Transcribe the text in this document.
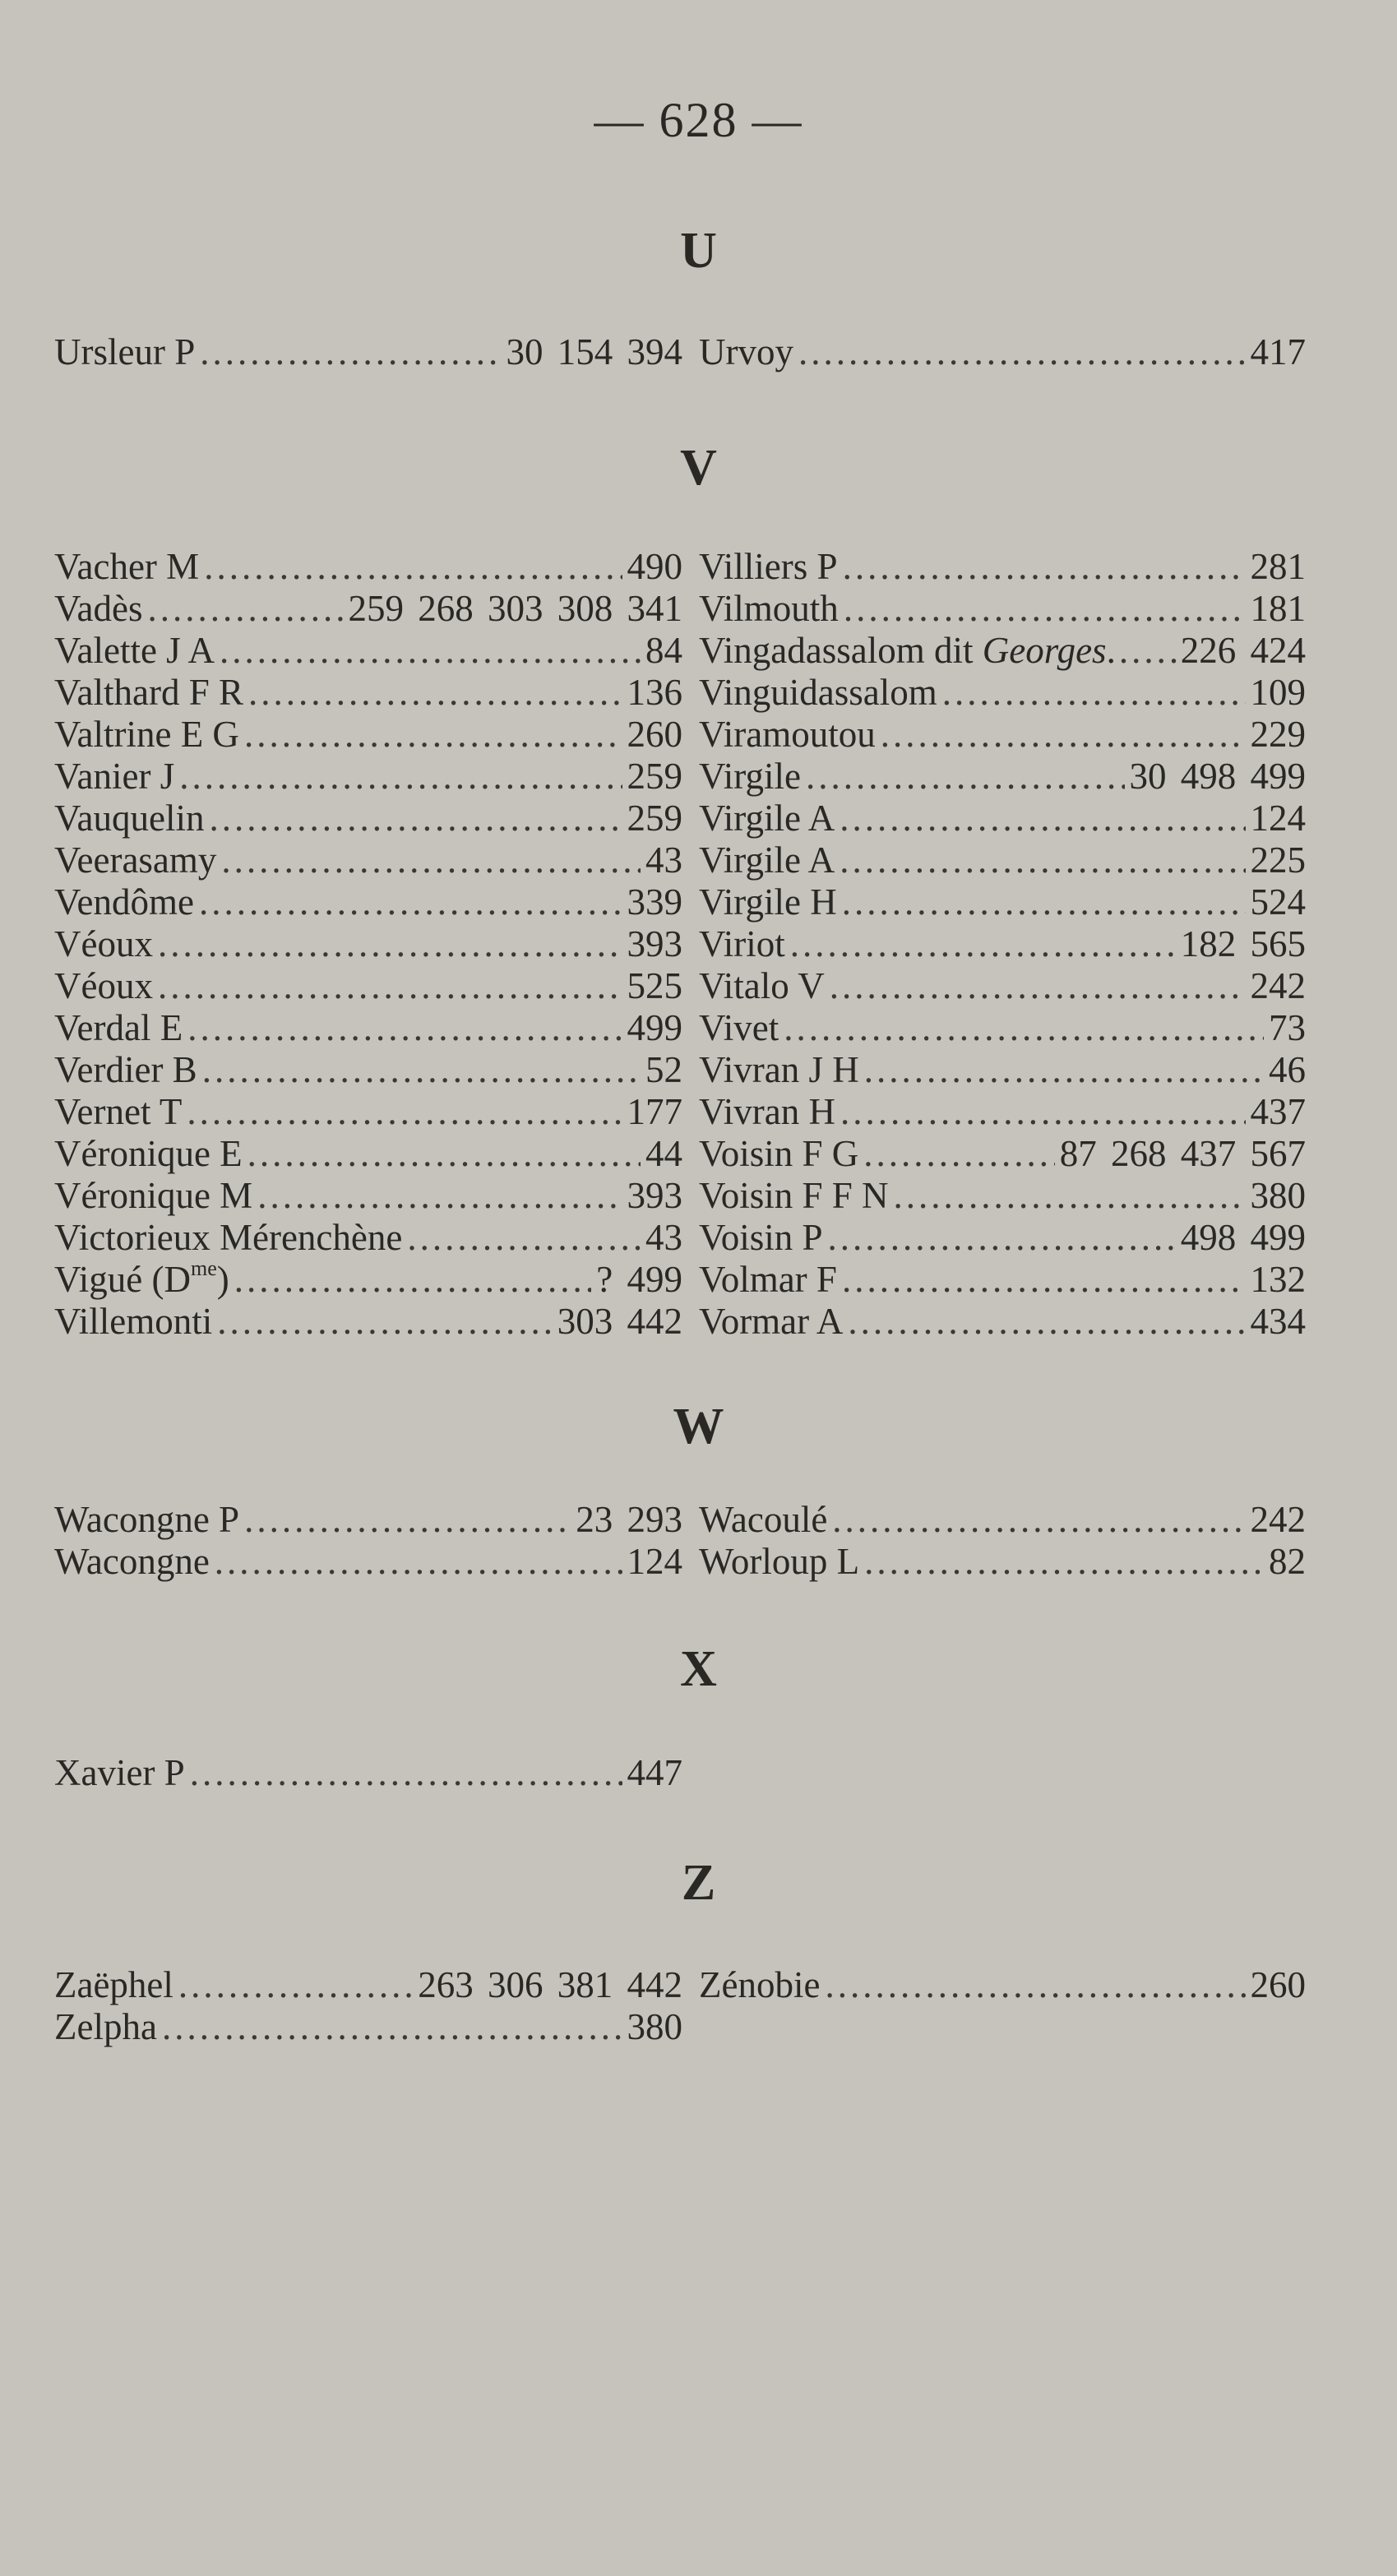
— 628 —
U
Ursleur P .....	30 154 394 Urvoy .....	417
V
Vacher M .....	490
Vadès .....	259 268 303 308 341
Valette J A .....	84
Valthard F R .....	136
Valtrine E G .....	260
Vanier J .....	259
Vauquelin .....	259
Veerasamy .....	43
Vendôme .....	339
Véoux .....	393
Véoux .....	525
Verdal E .....	499
Verdier B .....	52
Vernet T .....	177
Véronique E .....	44
Véronique M .....	393
Victorieux Mérenchène .....	43
Vigué $(D^{me})$ .....	? 499
Villemonti .....	303 442
Villiers P .....	281
Vilmouth .....	181
Vingadassalom dit Georges. ..... 226 424
Vinguidassalom .....	109
Viramoutou .....	229
Virgile .....	30 498 499
Virgile A .....	124
Virgile A .....	225
Virgile H .....	524
Viriot .....	182 565
Vitalo V .....	242
Vivet .....	73
Vivran J H .....	46
Vivran H .....	437
Voisin F G .....	87 268 437 567
Voisin F F N .....	380
Voisin P .....	498 499
Volmar F .....	132
Vormar A .....	434
W
Wacongne P .....	23 293
Wacongne .....	124
Wacoulé .....	242
Worloup L .....	82
X
Xavier P .....	447
Z
Zaëphel .....	263 306 381 442
Zelpha .....	380
Zénobie .....	260
